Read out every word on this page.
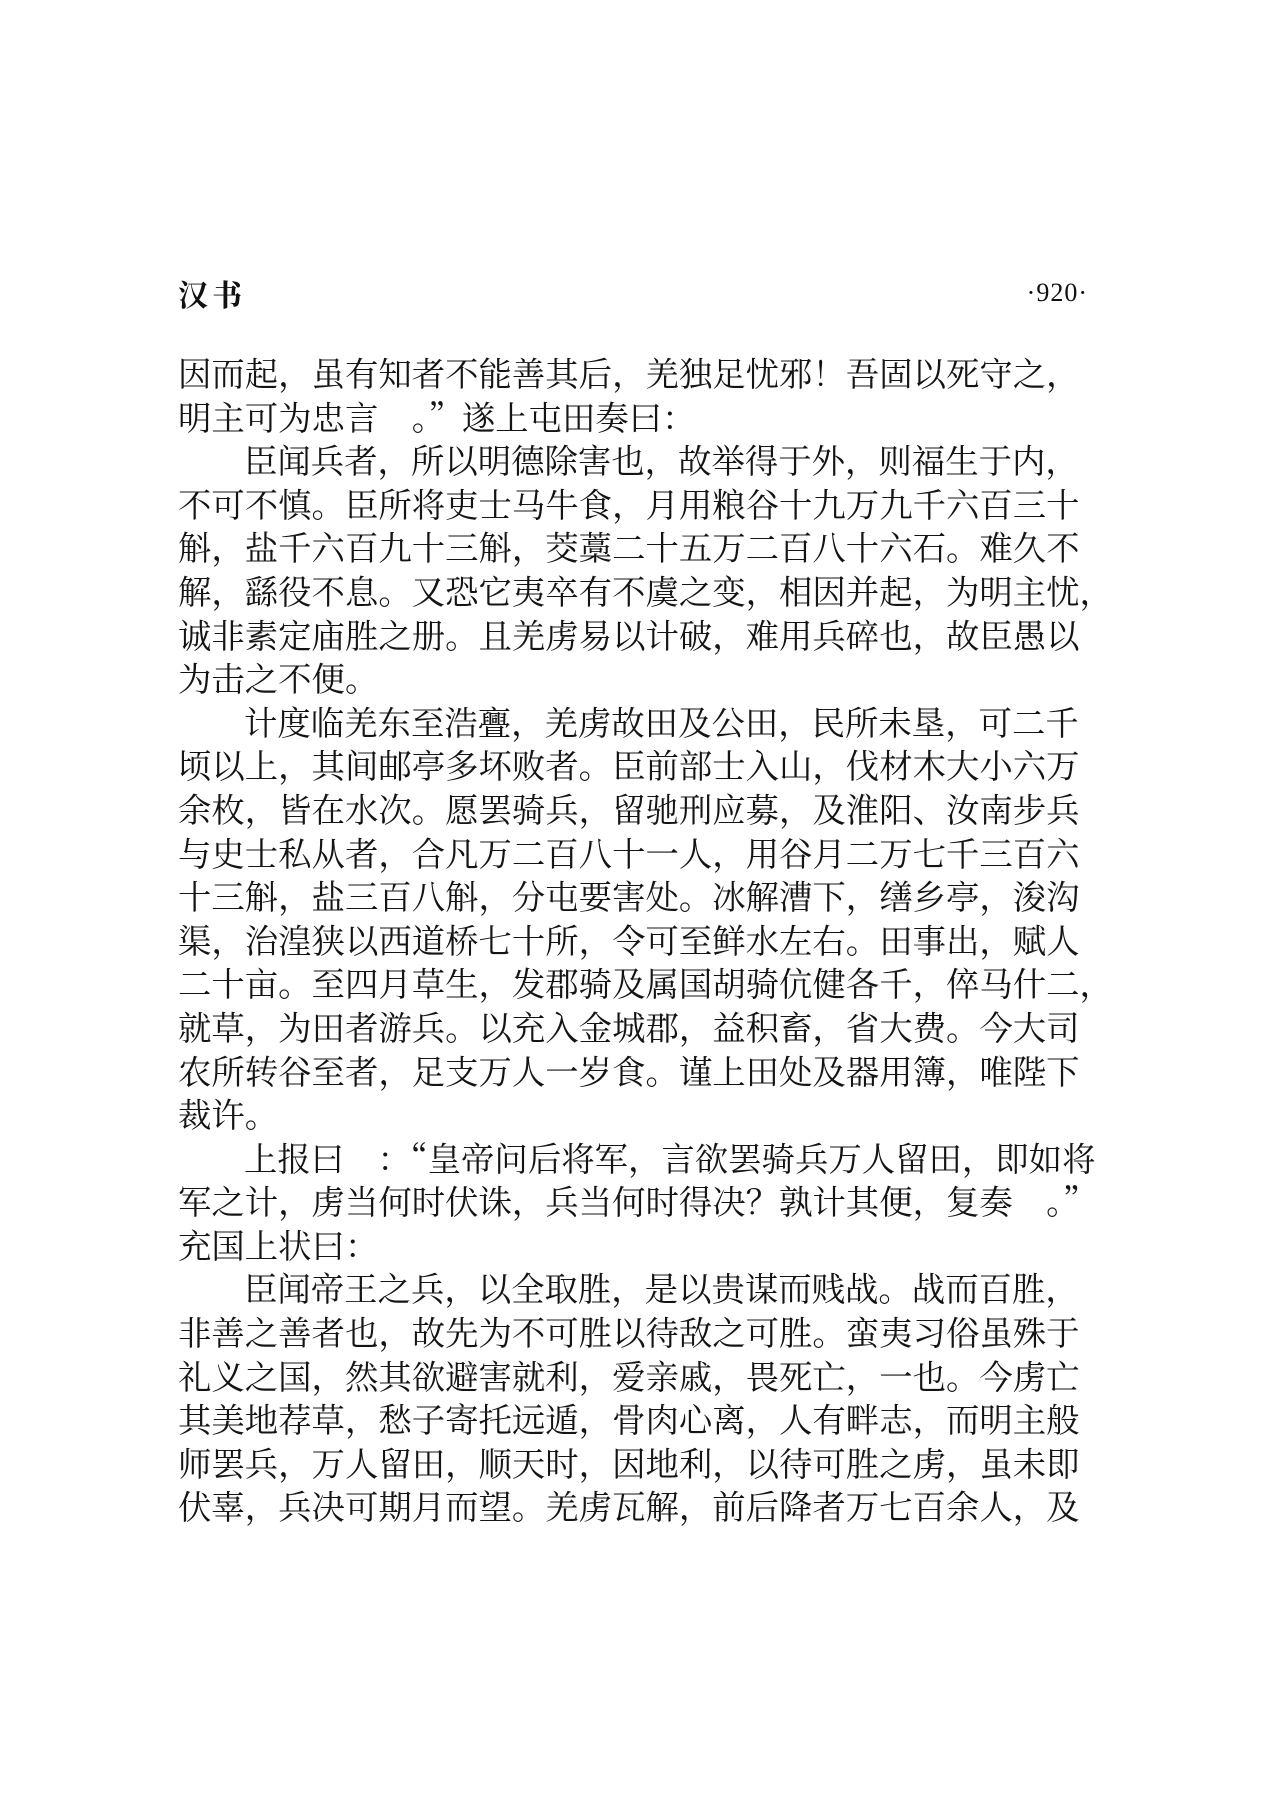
汉书	·920·
因而起，虽有知者不能善其后，羌独足忧邪！吾固以死守之，
明主可为忠言　。”遂上屯田奏曰：
臣闻兵者，所以明德除害也，故举得于外，则福生于内，
不可不慎。臣所将吏士马牛食，月用粮谷十九万九千六百三十
斛，盐千六百九十三斛，茭藁二十五万二百八十六石。难久不
解，繇役不息。又恐它夷卒有不虞之变，相因并起，为明主忧，
诚非素定庙胜之册。且羌虏易以计破，难用兵碎也，故臣愚以
为击之不便。
计度临羌东至浩亹，羌虏故田及公田，民所未垦，可二千
顷以上，其间邮亭多坏败者。臣前部士入山，伐材木大小六万
余枚，皆在水次。愿罢骑兵，留驰刑应募，及淮阳、汝南步兵
与史士私从者，合凡万二百八十一人，用谷月二万七千三百六
十三斛，盐三百八斛，分屯要害处。冰解漕下，缮乡亭，浚沟
渠，治湟狭以西道桥七十所，令可至鲜水左右。田事出，赋人
二十亩。至四月草生，发郡骑及属国胡骑伉健各千，倅马什二，
就草，为田者游兵。以充入金城郡，益积畜，省大费。今大司
农所转谷至者，足支万人一岁食。谨上田处及器用簿，唯陛下
裁许。
上报曰　：“皇帝问后将军，言欲罢骑兵万人留田，即如将
军之计，虏当何时伏诛，兵当何时得决？孰计其便，复奏　。”
充国上状曰：
臣闻帝王之兵，以全取胜，是以贵谋而贱战。战而百胜，
非善之善者也，故先为不可胜以待敌之可胜。蛮夷习俗虽殊于
礼义之国，然其欲避害就利，爱亲戚，畏死亡，一也。今虏亡
其美地荐草，愁子寄托远遁，骨肉心离，人有畔志，而明主般
师罢兵，万人留田，顺天时，因地利，以待可胜之虏，虽未即
伏辜，兵决可期月而望。羌虏瓦解，前后降者万七百余人，及
